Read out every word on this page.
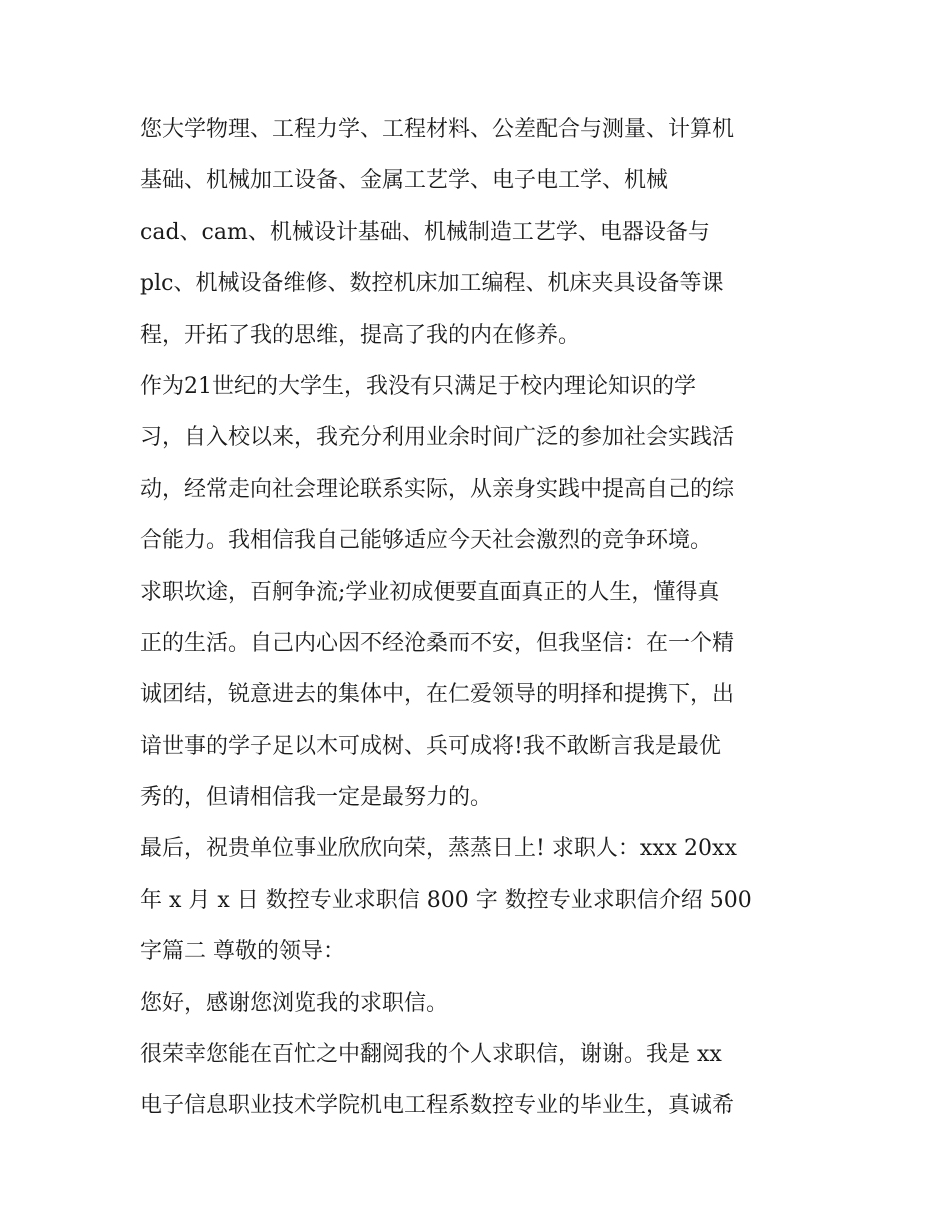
您大学物理、工程力学、工程材料、公差配合与测量、计算机
基础、机械加工设备、金属工艺学、电子电工学、机械
cad、cam、机械设计基础、机械制造工艺学、电器设备与
plc、机械设备维修、数控机床加工编程、机床夹具设备等课
程，开拓了我的思维，提高了我的内在修养。
作为21世纪的大学生，我没有只满足于校内理论知识的学
习，自入校以来，我充分利用业余时间广泛的参加社会实践活
动，经常走向社会理论联系实际，从亲身实践中提高自己的综
合能力。我相信我自己能够适应今天社会激烈的竞争环境。
求职坎途，百舸争流;学业初成便要直面真正的人生，懂得真
正的生活。自己内心因不经沧桑而不安，但我坚信：在一个精
诚团结，锐意进去的集体中，在仁爱领导的明择和提携下，出
谙世事的学子足以木可成树、兵可成将!我不敢断言我是最优
秀的，但请相信我一定是最努力的。
最后，祝贵单位事业欣欣向荣，蒸蒸日上! 求职人：xxx 20xx
年 x 月 x 日 数控专业求职信 800 字 数控专业求职信介绍 500
字篇二 尊敬的领导：
您好，感谢您浏览我的求职信。
很荣幸您能在百忙之中翻阅我的个人求职信，谢谢。我是 xx
电子信息职业技术学院机电工程系数控专业的毕业生，真诚希
